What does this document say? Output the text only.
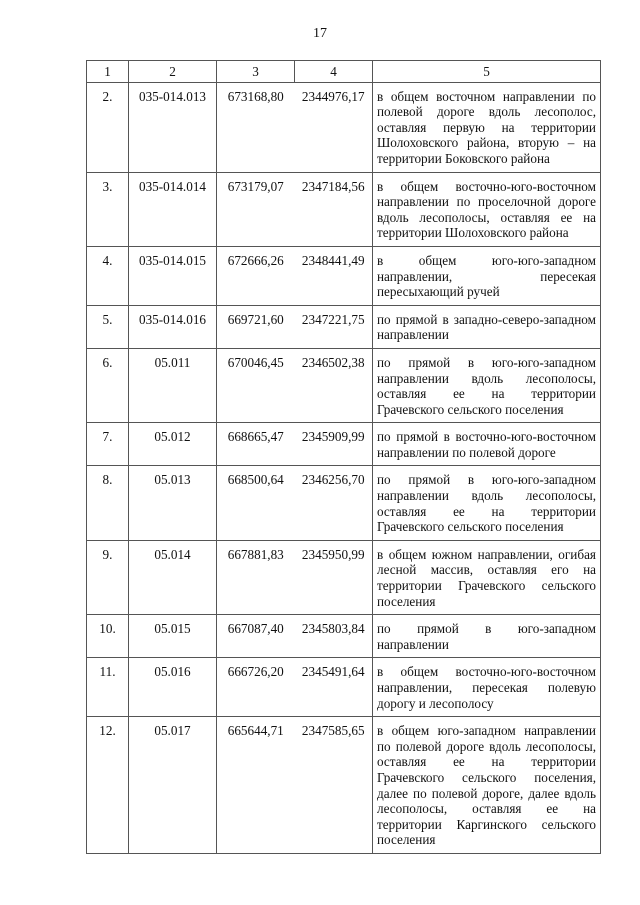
17
1	2	3	4	5
2.	035-014.013	673168,80	2344976,17	в общем восточном направлении по полевой дороге вдоль лесополос, оставляя первую на территории Шолоховского района, вторую – на территории Боковского района
3.	035-014.014	673179,07	2347184,56	в общем восточно-юго-восточном направлении по проселочной дороге вдоль лесополосы, оставляя ее на территории Шолоховского района
4.	035-014.015	672666,26	2348441,49	в общем юго-юго-западном направлении, пересекая пересыхающий ручей
5.	035-014.016	669721,60	2347221,75	по прямой в западно-северо-западном направлении
6.	05.011	670046,45	2346502,38	по прямой в юго-юго-западном направлении вдоль лесополосы, оставляя ее на территории Грачевского сельского поселения
7.	05.012	668665,47	2345909,99	по прямой в восточно-юго-восточном направлении по полевой дороге
8.	05.013	668500,64	2346256,70	по прямой в юго-юго-западном направлении вдоль лесополосы, оставляя ее на территории Грачевского сельского поселения
9.	05.014	667881,83	2345950,99	в общем южном направлении, огибая лесной массив, оставляя его на территории Грачевского сельского поселения
10.	05.015	667087,40	2345803,84	по прямой в юго-западном направлении
11.	05.016	666726,20	2345491,64	в общем восточно-юго-восточном направлении, пересекая полевую дорогу и лесополосу
12.	05.017	665644,71	2347585,65	в общем юго-западном направлении по полевой дороге вдоль лесополосы, оставляя ее на территории Грачевского сельского поселения, далее по полевой дороге, далее вдоль лесополосы, оставляя ее на территории Каргинского сельского поселения
